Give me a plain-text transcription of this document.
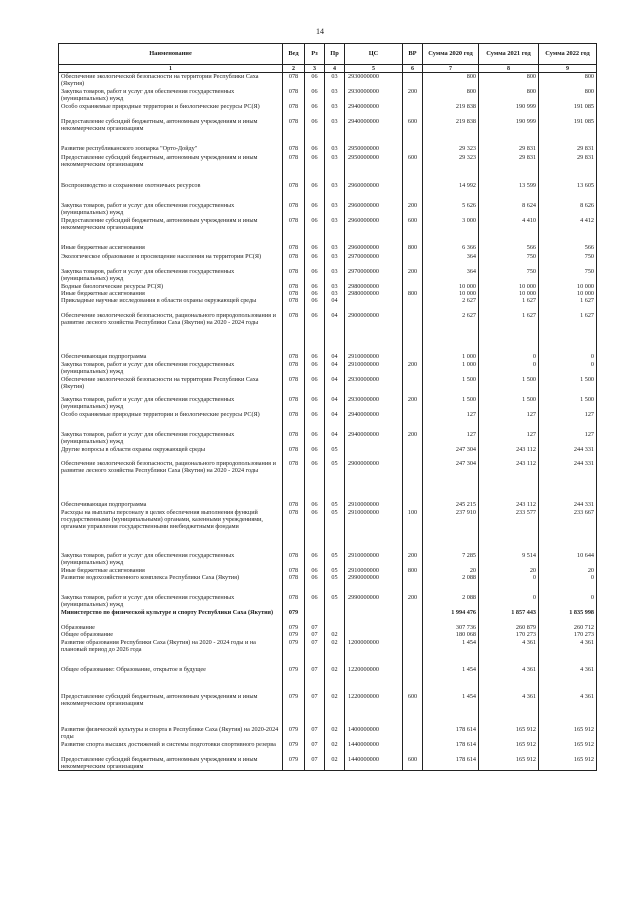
14
Наименование	Вед	Рз	Пр	ЦС	ВР	Сумма 2020 год	Сумма 2021 год	Сумма 2022 год
1	2	3	4	5	6	7	8	9
Обеспечение экологической безопасности на территории Республики Саха (Якутия)	078	06	03	2930000000		800	800	800
Закупка товаров, работ и услуг для обеспечения государственных (муниципальных) нужд	078	06	03	2930000000	200	800	800	800
Особо охраняемые природные территории и биологические ресурсы РС(Я)	078	06	03	2940000000		219 838	190 999	191 085
Предоставление субсидий бюджетным, автономным учреждениям и иным некоммерческим организациям	078	06	03	2940000000	600	219 838	190 999	191 085
Развитие республиканского зоопарка "Орто-Дойду"	078	06	03	2950000000		29 323	29 831	29 831
Предоставление субсидий бюджетным, автономным учреждениям и иным некоммерческим организациям	078	06	03	2950000000	600	29 323	29 831	29 831
Воспроизводство и сохранение охотничьих ресурсов	078	06	03	2960000000		14 992	13 599	13 605
Закупка товаров, работ и услуг для обеспечения государственных (муниципальных) нужд	078	06	03	2960000000	200	5 626	8 624	8 626
Предоставление субсидий бюджетным, автономным учреждениям и иным некоммерческим организациям	078	06	03	2960000000	600	3 000	4 410	4 412
Иные бюджетные ассигнования	078	06	03	2960000000	800	6 366	566	566
Экологическое образование и просвещение населения на территории РС(Я)	078	06	03	2970000000		364	750	750
Закупка товаров, работ и услуг для обеспечения государственных (муниципальных) нужд	078	06	03	2970000000	200	364	750	750
Водные биологические ресурсы РС(Я)	078	06	03	2980000000		10 000	10 000	10 000
Иные бюджетные ассигнования	078	06	03	2980000000	800	10 000	10 000	10 000
Прикладные научные исследования в области охраны окружающей среды	078	06	04			2 627	1 627	1 627
Обеспечение экологической безопасности, рационального природопользования и развитие лесного хозяйства Республики Саха (Якутия) на 2020 - 2024 годы	078	06	04	2900000000		2 627	1 627	1 627
Обеспечивающая подпрограмма	078	06	04	2910000000		1 000	0	0
Закупка товаров, работ и услуг для обеспечения государственных (муниципальных) нужд	078	06	04	2910000000	200	1 000	0	0
Обеспечение экологической безопасности на территории Республики Саха (Якутия)	078	06	04	2930000000		1 500	1 500	1 500
Закупка товаров, работ и услуг для обеспечения государственных (муниципальных) нужд	078	06	04	2930000000	200	1 500	1 500	1 500
Особо охраняемые природные территории и биологические ресурсы РС(Я)	078	06	04	2940000000		127	127	127
Закупка товаров, работ и услуг для обеспечения государственных (муниципальных) нужд	078	06	04	2940000000	200	127	127	127
Другие вопросы в области охраны окружающей среды	078	06	05			247 304	243 112	244 331
Обеспечение экологической безопасности, рационального природопользования и развитие лесного хозяйства Республики Саха (Якутия) на 2020 - 2024 годы	078	06	05	2900000000		247 304	243 112	244 331
Обеспечивающая подпрограмма	078	06	05	2910000000		245 215	243 112	244 331
Расходы на выплаты персоналу в целях обеспечения выполнения функций государственными (муниципальными) органами, казенными учреждениями, органами управления государственными внебюджетными фондами	078	06	05	2910000000	100	237 910	233 577	233 667
Закупка товаров, работ и услуг для обеспечения государственных (муниципальных) нужд	078	06	05	2910000000	200	7 285	9 514	10 644
Иные бюджетные ассигнования	078	06	05	2910000000	800	20	20	20
Развитие водохозяйственного комплекса Республики Саха (Якутия)	078	06	05	2990000000		2 088	0	0
Закупка товаров, работ и услуг для обеспечения государственных (муниципальных) нужд	078	06	05	2990000000	200	2 088	0	0
Министерство по физической культуре и спорту Республики Саха (Якутия)	079					1 994 476	1 857 443	1 835 998
Образование	079	07				307 736	260 879	260 712
Общее образование	079	07	02			180 068	170 273	170 273
Развитие образования Республики Саха (Якутия) на 2020 - 2024 годы и на плановый период до 2026 года	079	07	02	1200000000		1 454	4 361	4 361
Общее образование: Образование, открытое в будущее	079	07	02	1220000000		1 454	4 361	4 361
Предоставление субсидий бюджетным, автономным учреждениям и иным некоммерческим организациям	079	07	02	1220000000	600	1 454	4 361	4 361
Развитие физической культуры и спорта в Республике Саха (Якутия) на 2020-2024 годы	079	07	02	1400000000		178 614	165 912	165 912
Развитие спорта высших достижений и системы подготовки спортивного резерва	079	07	02	1440000000		178 614	165 912	165 912
Предоставление субсидий бюджетным, автономным учреждениям и иным некоммерческим организациям	079	07	02	1440000000	600	178 614	165 912	165 912
